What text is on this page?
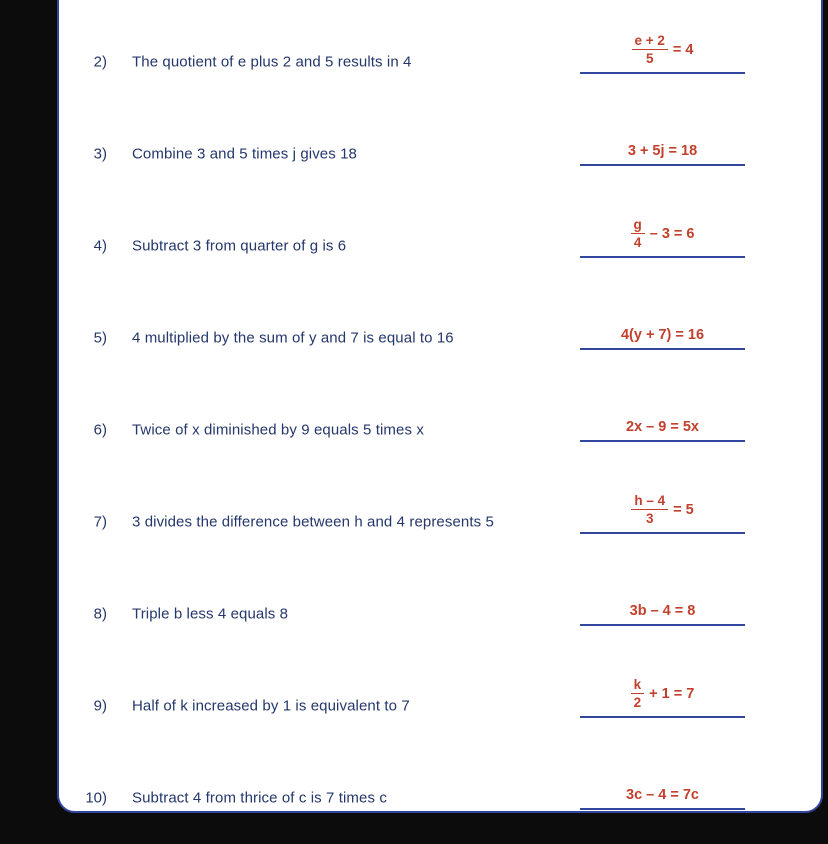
2) The quotient of e plus 2 and 5 results in 4	$\frac{e + 2}{5} = 4$
3) Combine 3 and 5 times j gives 18	3 + 5j = 18
4) Subtract 3 from quarter of g is 6	$\frac{g}{4} - 3 = 6$
5) 4 multiplied by the sum of y and 7 is equal to 16	4(y + 7) = 16
6) Twice of x diminished by 9 equals 5 times x	2x – 9 = 5x
7) 3 divides the difference between h and 4 represents 5	$\frac{h - 4}{3} = 5$
8) Triple b less 4 equals 8	3b – 4 = 8
9) Half of k increased by 1 is equivalent to 7	$\frac{k}{2} + 1 = 7$
10) Subtract 4 from thrice of c is 7 times c	3c – 4 = 7c
